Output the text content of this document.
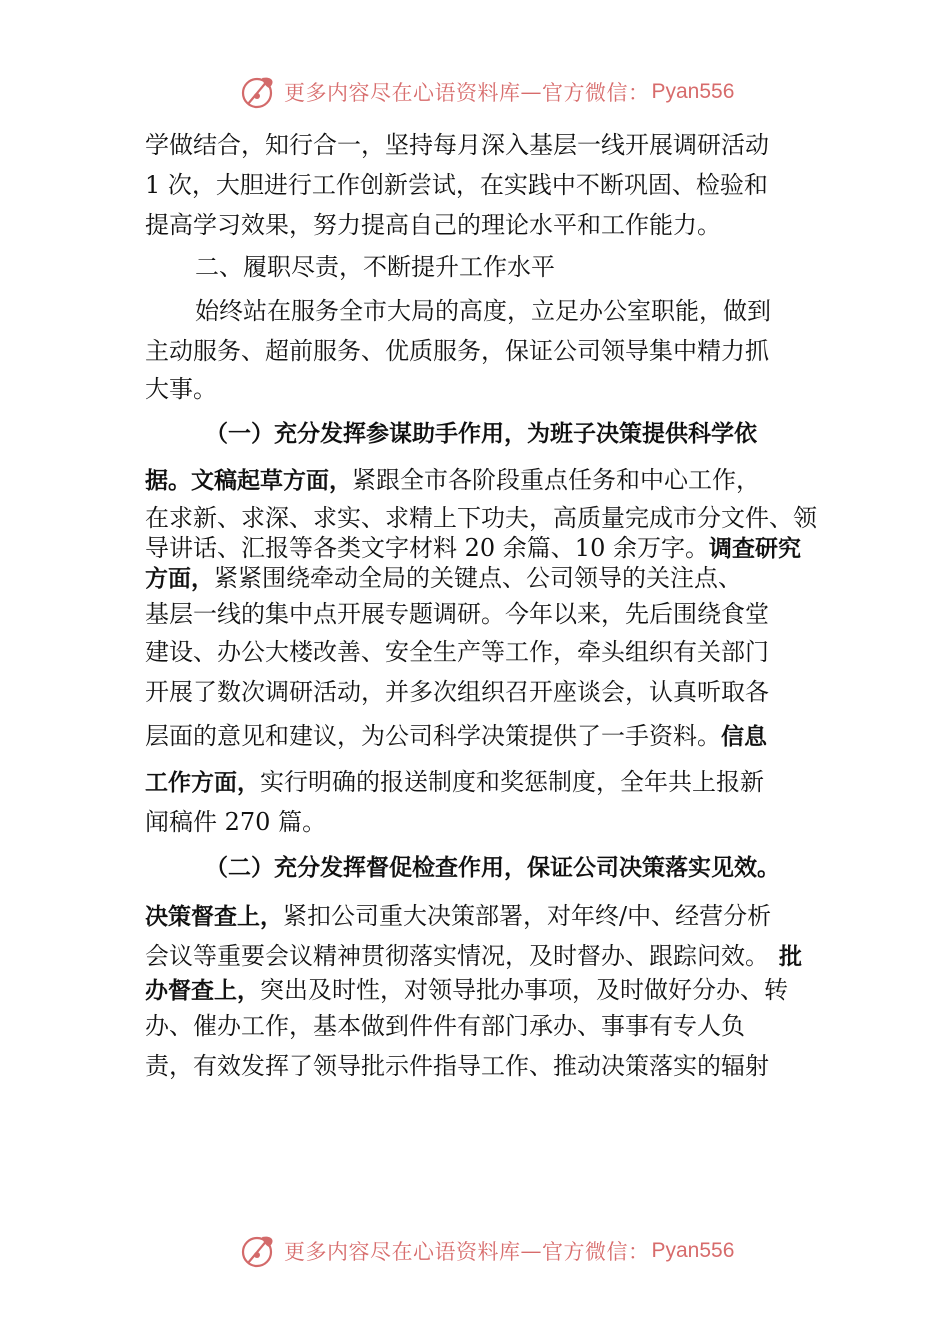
更多内容尽在心语资料库 — 官方微信： Pyan556
学做结合，知行合一，坚持每月深入基层一线开展调研活动
1 次，大胆进行工作创新尝试，在实践中不断巩固、检验和
提高学习效果，努力提高自己的理论水平和工作能力。
二、履职尽责，不断提升工作水平
始终站在服务全市大局的高度，立足办公室职能，做到
主动服务、超前服务、优质服务，保证公司领导集中精力抓
大事。
（一）充分发挥参谋助手作用，为班子决策提供科学依
据。文稿起草方面，紧跟全市各阶段重点任务和中心工作，
在求新、求深、求实、求精上下功夫，高质量完成市分文件、领
导讲话、汇报等各类文字材料 20 余篇、10 余万字。调查研究
方面，紧紧围绕牵动全局的关键点、公司领导的关注点、
基层一线的集中点开展专题调研。今年以来，先后围绕食堂
建设、办公大楼改善、安全生产等工作，牵头组织有关部门
开展了数次调研活动，并多次组织召开座谈会，认真听取各
层面的意见和建议，为公司科学决策提供了一手资料。信息
工作方面，实行明确的报送制度和奖惩制度，全年共上报新
闻稿件 270 篇。
（二）充分发挥督促检查作用，保证公司决策落实见效。
决策督查上，紧扣公司重大决策部署，对年终/中、经营分析
会议等重要会议精神贯彻落实情况，及时督办、跟踪问效。 批
办督查上，突出及时性，对领导批办事项，及时做好分办、转
办、催办工作，基本做到件件有部门承办、事事有专人负
责，有效发挥了领导批示件指导工作、推动决策落实的辐射
更多内容尽在心语资料库 — 官方微信： Pyan556
